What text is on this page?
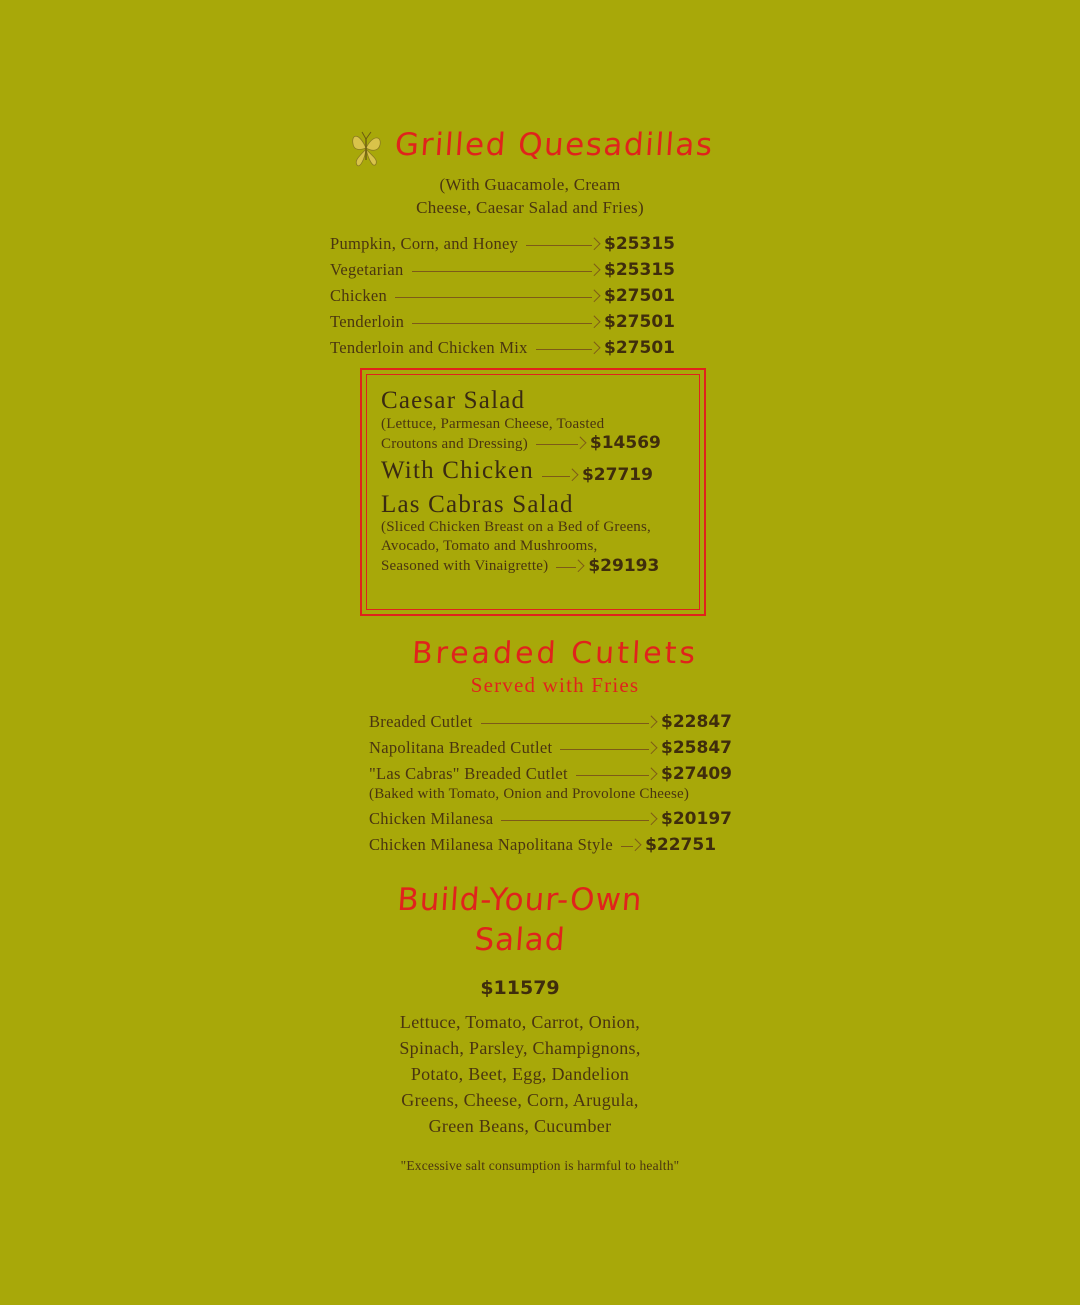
Grilled Quesadillas
(With Guacamole, Cream
Cheese, Caesar Salad and Fries)
Pumpkin, Corn, and Honey	$25315
Vegetarian	$25315
Chicken	$27501
Tenderloin	$27501
Tenderloin and Chicken Mix	$27501
Caesar Salad
(Lettuce, Parmesan Cheese, Toasted
Croutons and Dressing)	$14569
With Chicken	$27719
Las Cabras Salad
(Sliced Chicken Breast on a Bed of Greens,
Avocado, Tomato and Mushrooms,
Seasoned with Vinaigrette) $29193
Breaded Cutlets
Served with Fries
Breaded Cutlet	$22847
Napolitana Breaded Cutlet	$25847
"Las Cabras" Breaded Cutlet	$27409
(Baked with Tomato, Onion and Provolone Cheese)
Chicken Milanesa	$20197
Chicken Milanesa Napolitana Style $22751
Build-Your-Own
Salad
$11579
Lettuce, Tomato, Carrot, Onion,
Spinach, Parsley, Champignons,
Potato, Beet, Egg, Dandelion
Greens, Cheese, Corn, Arugula,
Green Beans, Cucumber
"Excessive salt consumption is harmful to health"
